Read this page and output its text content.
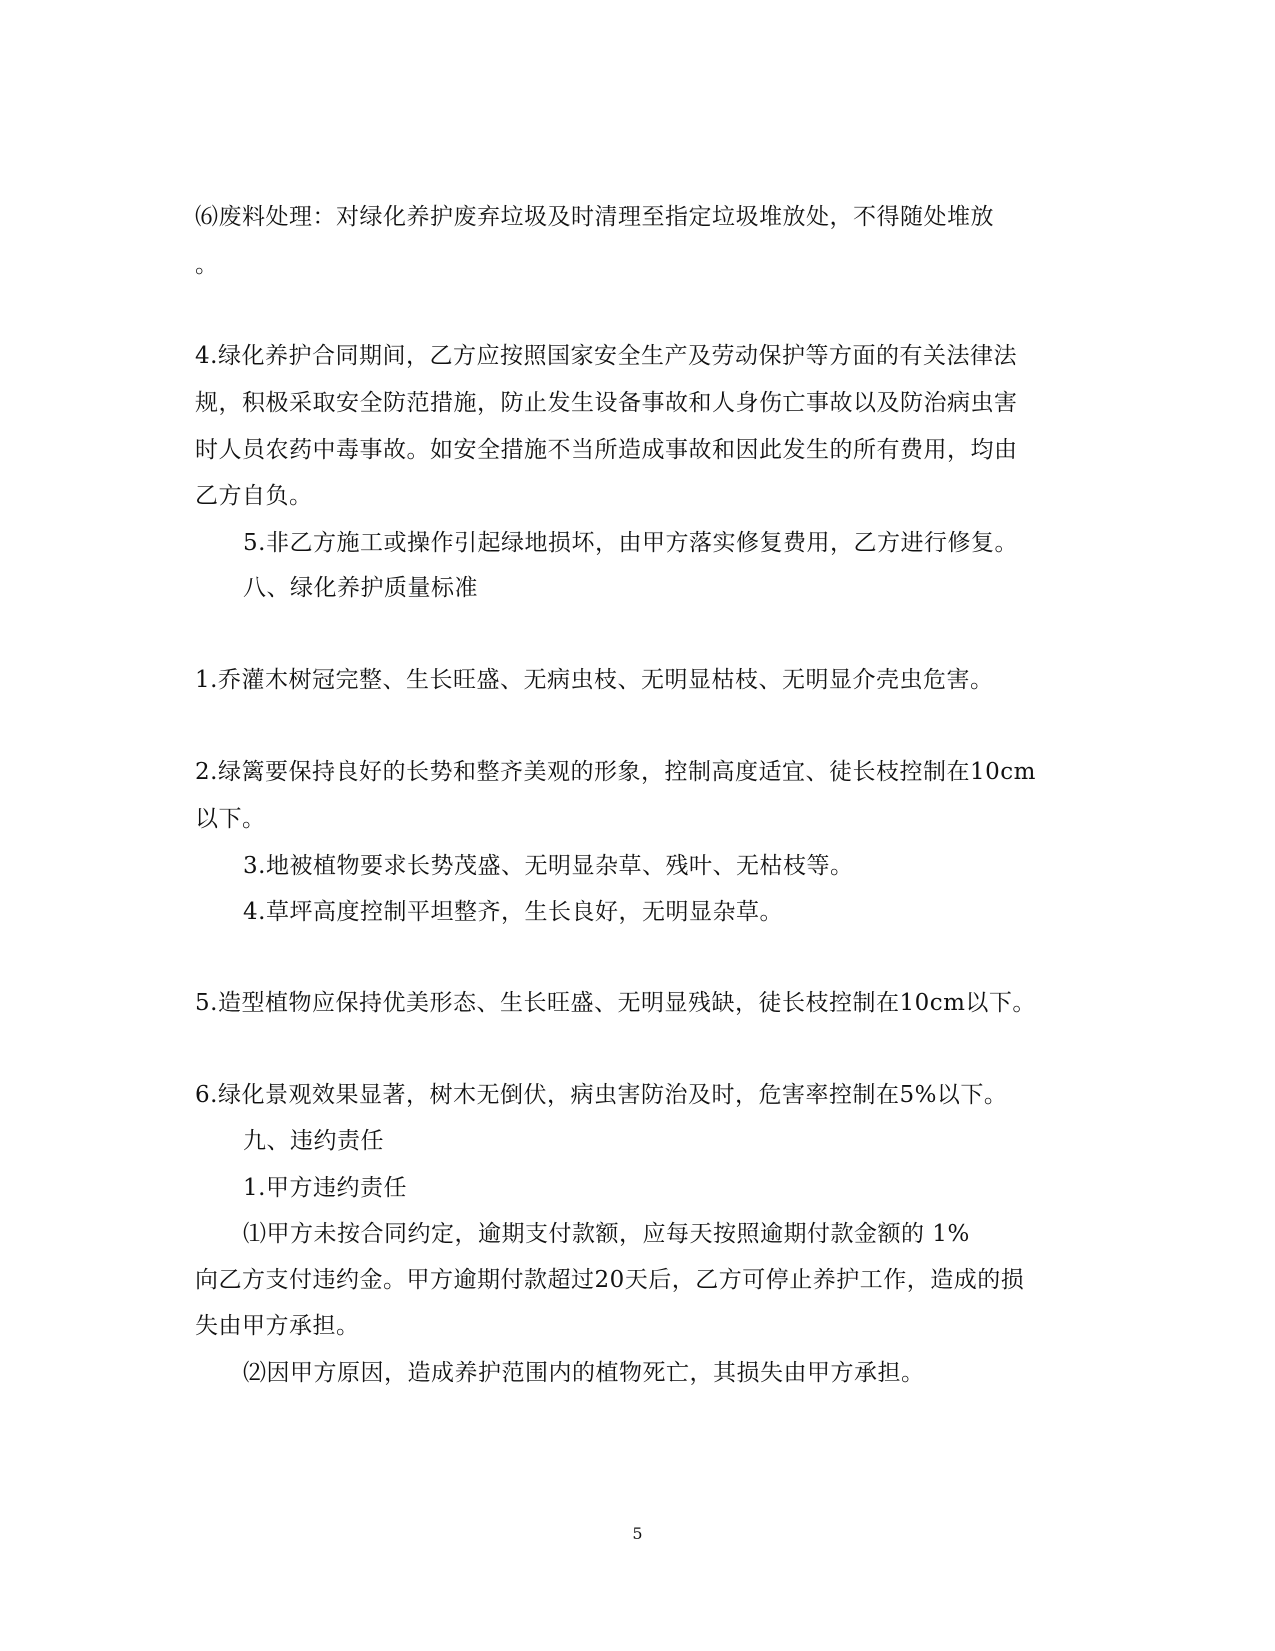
⑹废料处理：对绿化养护废弃垃圾及时清理至指定垃圾堆放处，不得随处堆放
。
4.绿化养护合同期间，乙方应按照国家安全生产及劳动保护等方面的有关法律法
规，积极采取安全防范措施，防止发生设备事故和人身伤亡事故以及防治病虫害
时人员农药中毒事故。如安全措施不当所造成事故和因此发生的所有费用，均由
乙方自负。
5.非乙方施工或操作引起绿地损坏，由甲方落实修复费用，乙方进行修复。
八、绿化养护质量标准
1.乔灌木树冠完整、生长旺盛、无病虫枝、无明显枯枝、无明显介壳虫危害。
2.绿篱要保持良好的长势和整齐美观的形象，控制高度适宜、徒长枝控制在10cm
以下。
3.地被植物要求长势茂盛、无明显杂草、残叶、无枯枝等。
4.草坪高度控制平坦整齐，生长良好，无明显杂草。
5.造型植物应保持优美形态、生长旺盛、无明显残缺，徒长枝控制在10cm以下。
6.绿化景观效果显著，树木无倒伏，病虫害防治及时，危害率控制在5%以下。
九、违约责任
1.甲方违约责任
⑴甲方未按合同约定，逾期支付款额，应每天按照逾期付款金额的 1%
向乙方支付违约金。甲方逾期付款超过20天后，乙方可停止养护工作，造成的损
失由甲方承担。
⑵因甲方原因，造成养护范围内的植物死亡，其损失由甲方承担。
5
